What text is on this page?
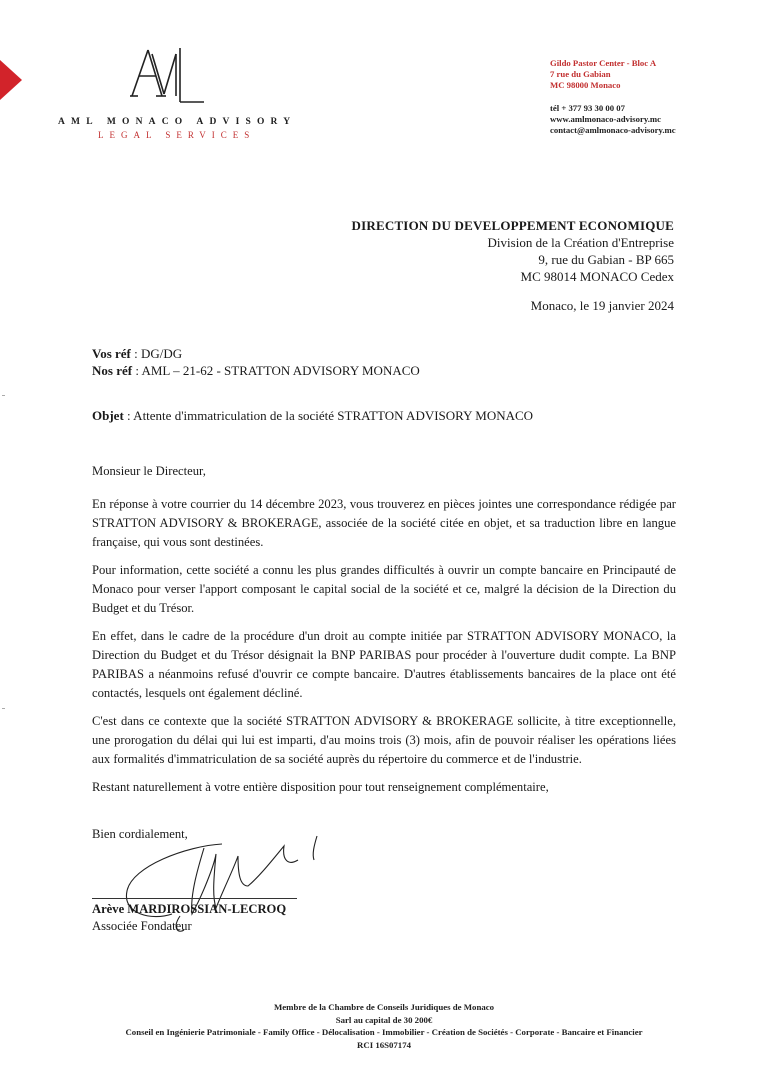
AML MONACO ADVISORY
LEGAL SERVICES
Gildo Pastor Center - Bloc A
7 rue du Gabian
MC 98000 Monaco
tél + 377 93 30 00 07
www.amlmonaco-advisory.mc
contact@amlmonaco-advisory.mc
DIRECTION DU DEVELOPPEMENT ECONOMIQUE
Division de la Création d'Entreprise
9, rue du Gabian - BP 665
MC 98014 MONACO Cedex
Monaco, le 19 janvier 2024
Vos réf : DG/DG
Nos réf : AML – 21-62 - STRATTON ADVISORY MONACO
Objet : Attente d'immatriculation de la société STRATTON ADVISORY MONACO

Monsieur le Directeur,

En réponse à votre courrier du 14 décembre 2023, vous trouverez en pièces jointes une correspondance rédigée par STRATTON ADVISORY & BROKERAGE, associée de la société citée en objet, et sa traduction libre en langue française, qui vous sont destinées.

Pour information, cette société a connu les plus grandes difficultés à ouvrir un compte bancaire en Principauté de Monaco pour verser l'apport composant le capital social de la société et ce, malgré la décision de la Direction du Budget et du Trésor.

En effet, dans le cadre de la procédure d'un droit au compte initiée par STRATTON ADVISORY MONACO, la Direction du Budget et du Trésor désignait la BNP PARIBAS pour procéder à l'ouverture dudit compte. La BNP PARIBAS a néanmoins refusé d'ouvrir ce compte bancaire. D'autres établissements bancaires de la place ont été contactés, lesquels ont également décliné.

C'est dans ce contexte que la société STRATTON ADVISORY & BROKERAGE sollicite, à titre exceptionnelle, une prorogation du délai qui lui est imparti, d'au moins trois (3) mois, afin de pouvoir réaliser les opérations liées aux formalités d'immatriculation de sa société auprès du répertoire du commerce et de l'industrie.

Restant naturellement à votre entière disposition pour tout renseignement complémentaire,

Bien cordialement,
Arève MARDIROSSIAN-LECROQ
Associée Fondateur
Membre de la Chambre de Conseils Juridiques de Monaco
Sarl au capital de 30 200€
Conseil en Ingénierie Patrimoniale - Family Office - Délocalisation - Immobilier - Création de Sociétés - Corporate - Bancaire et Financier
RCI 16S07174
